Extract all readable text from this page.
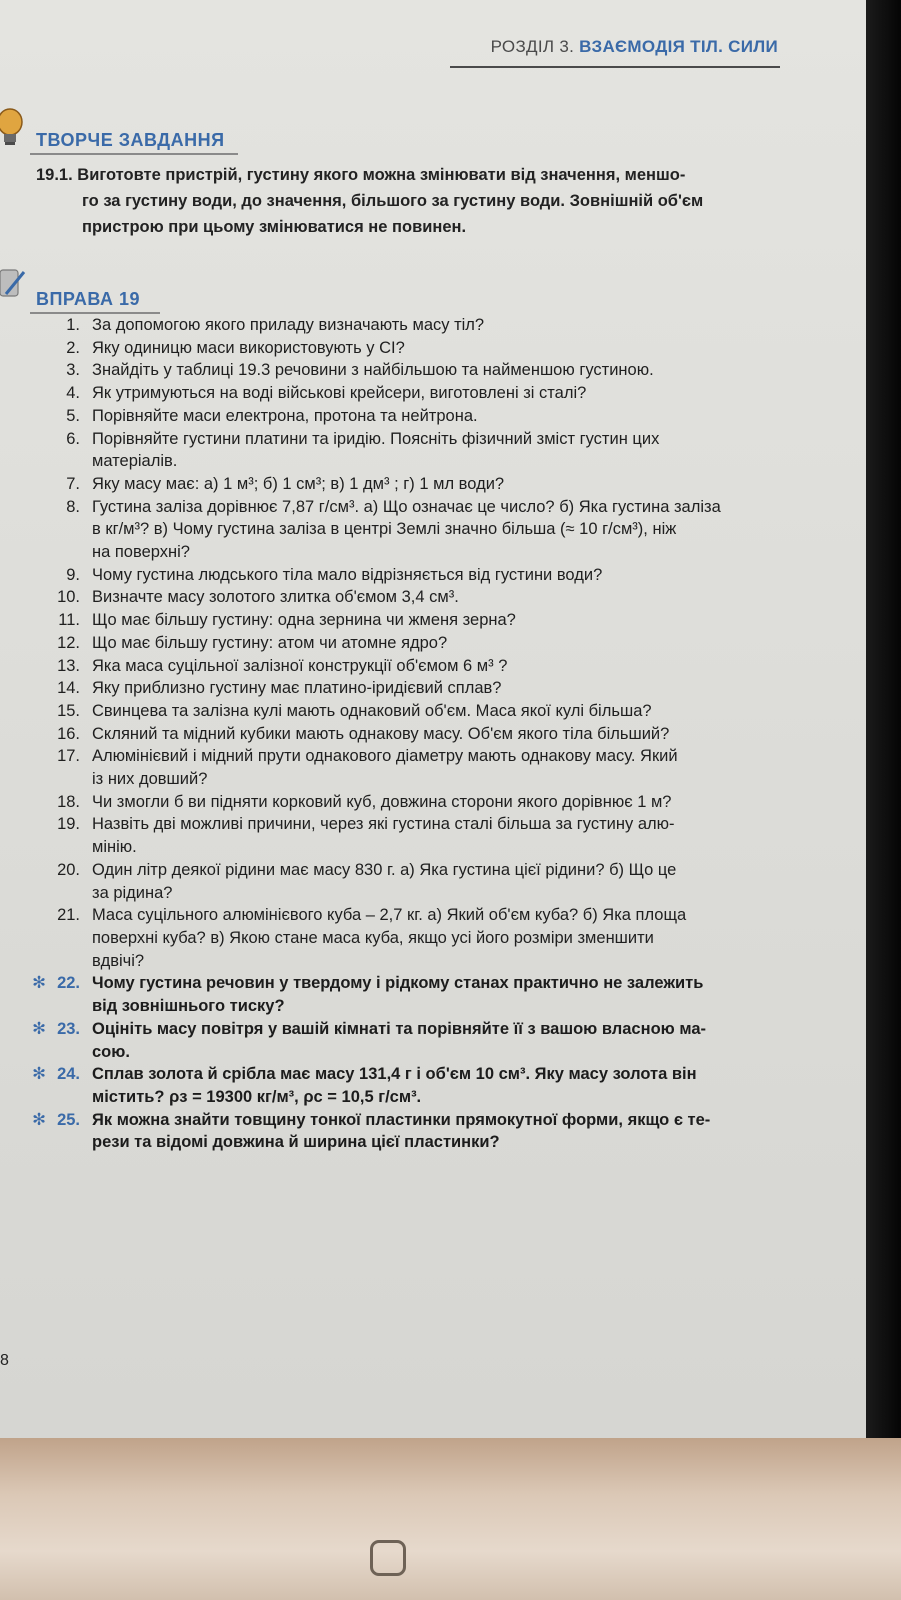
РОЗДІЛ 3. ВЗАЄМОДІЯ ТІЛ. СИЛИ
ТВОРЧЕ ЗАВДАННЯ
19.1. Виготовте пристрій, густину якого можна змінювати від значення, меншо-
го за густину води, до значення, більшого за густину води. Зовнішній об'єм
пристрою при цьому змінюватися не повинен.
ВПРАВА 19
1. За допомогою якого приладу визначають масу тіл?
2. Яку одиницю маси використовують у СІ?
3. Знайдіть у таблиці 19.3 речовини з найбільшою та найменшою густиною.
4. Як утримуються на воді військові крейсери, виготовлені зі сталі?
5. Порівняйте маси електрона, протона та нейтрона.
6. Порівняйте густини платини та іридію. Поясніть фізичний зміст густин цих
матеріалів.
7. Яку масу має: а) 1 м³; б) 1 см³; в) 1 дм³ ; г) 1 мл води?
8. Густина заліза дорівнює 7,87 г/см³. а) Що означає це число? б) Яка густина заліза
в кг/м³? в) Чому густина заліза в центрі Землі значно більша (≈ 10 г/см³), ніж
на поверхні?
9. Чому густина людського тіла мало відрізняється від густини води?
10. Визначте масу золотого злитка об'ємом 3,4 см³.
11. Що має більшу густину: одна зернина чи жменя зерна?
12. Що має більшу густину: атом чи атомне ядро?
13. Яка маса суцільної залізної конструкції об'ємом 6 м³ ?
14. Яку приблизно густину має платино-іридієвий сплав?
15. Свинцева та залізна кулі мають однаковий об'єм. Маса якої кулі більша?
16. Скляний та мідний кубики мають однакову масу. Об'єм якого тіла більший?
17. Алюмінієвий і мідний прути однакового діаметру мають однакову масу. Який
із них довший?
18. Чи змогли б ви підняти корковий куб, довжина сторони якого дорівнює 1 м?
19. Назвіть дві можливі причини, через які густина сталі більша за густину алю-
мінію.
20. Один літр деякої рідини має масу 830 г. а) Яка густина цієї рідини? б) Що це
за рідина?
21. Маса суцільного алюмінієвого куба – 2,7 кг. а) Який об'єм куба? б) Яка площа
поверхні куба? в) Якою стане маса куба, якщо усі його розміри зменшити
вдвічі?
✻ 22. Чому густина речовин у твердому і рідкому станах практично не залежить
від зовнішнього тиску?
✻ 23. Оцініть масу повітря у вашій кімнаті та порівняйте її з вашою власною ма-
сою.
✻ 24. Сплав золота й срібла має масу 131,4 г і об'єм 10 см³. Яку масу золота він
містить? ρз = 19300 кг/м³, ρс = 10,5 г/см³.
✻ 25. Як можна знайти товщину тонкої пластинки прямокутної форми, якщо є те-
рези та відомі довжина й ширина цієї пластинки?
8
